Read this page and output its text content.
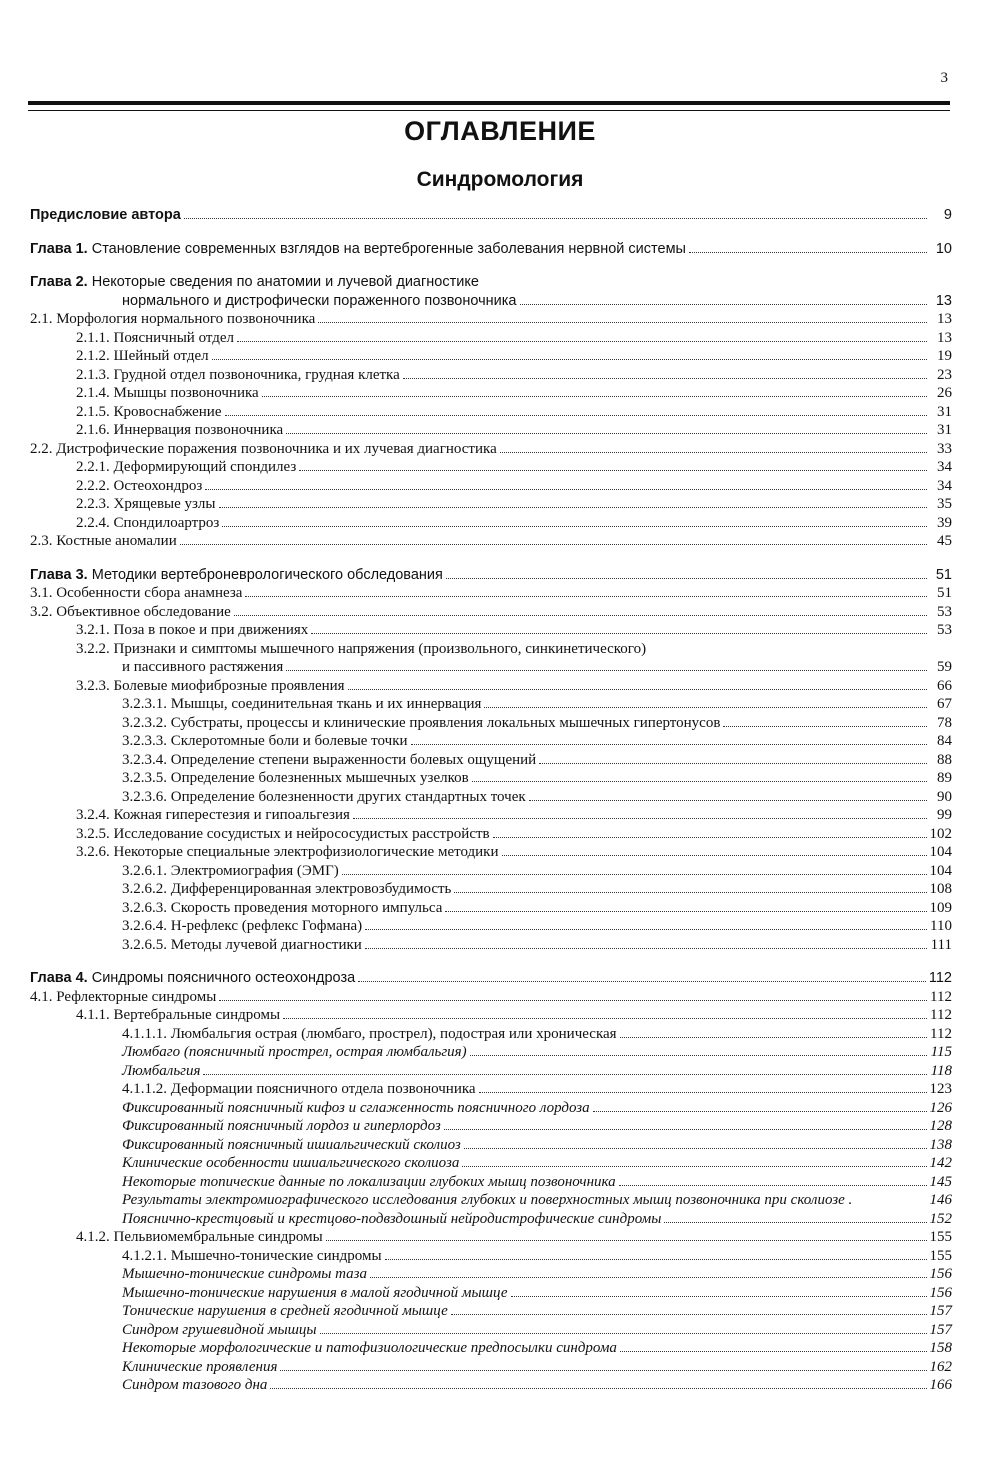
3
ОГЛАВЛЕНИЕ
Синдромология
Предисловие автора	9
Глава 1. Становление современных взглядов на вертеброгенные заболевания нервной системы	10
Глава 2. Некоторые сведения по анатомии и лучевой диагностике
нормального и дистрофически пораженного позвоночника	13
2.1. Морфология нормального позвоночника	13
2.1.1. Поясничный отдел	13
2.1.2. Шейный отдел	19
2.1.3. Грудной отдел позвоночника, грудная клетка	23
2.1.4. Мышцы позвоночника	26
2.1.5. Кровоснабжение	31
2.1.6. Иннервация позвоночника	31
2.2. Дистрофические поражения позвоночника и их лучевая диагностика	33
2.2.1. Деформирующий спондилез	34
2.2.2. Остеохондроз	34
2.2.3. Хрящевые узлы	35
2.2.4. Спондилоартроз	39
2.3. Костные аномалии	45
Глава 3. Методики вертеброневрологического обследования	51
3.1. Особенности сбора анамнеза	51
3.2. Объективное обследование	53
3.2.1. Поза в покое и при движениях	53
3.2.2. Признаки и симптомы мышечного напряжения (произвольного, синкинетического)
и пассивного растяжения	59
3.2.3. Болевые миофиброзные проявления	66
3.2.3.1. Мышцы, соединительная ткань и их иннервация	67
3.2.3.2. Субстраты, процессы и клинические проявления локальных мышечных гипертонусов	78
3.2.3.3. Склеротомные боли и болевые точки	84
3.2.3.4. Определение степени выраженности болевых ощущений	88
3.2.3.5. Определение болезненных мышечных узелков	89
3.2.3.6. Определение болезненности других стандартных точек	90
3.2.4. Кожная гиперестезия и гипоальгезия	99
3.2.5. Исследование сосудистых и нейрососудистых расстройств	102
3.2.6. Некоторые специальные электрофизиологические методики	104
3.2.6.1. Электромиография (ЭМГ)	104
3.2.6.2. Дифференцированная электровозбудимость	108
3.2.6.3. Скорость проведения моторного импульса	109
3.2.6.4. Н-рефлекс (рефлекс Гофмана)	110
3.2.6.5. Методы лучевой диагностики	111
Глава 4. Синдромы поясничного остеохондроза	112
4.1. Рефлекторные синдромы	112
4.1.1. Вертебральные синдромы	112
4.1.1.1. Люмбальгия острая (люмбаго, прострел), подострая или хроническая	112
Люмбаго (поясничный прострел, острая люмбальгия)	115
Люмбальгия	118
4.1.1.2. Деформации поясничного отдела позвоночника	123
Фиксированный поясничный кифоз и сглаженность поясничного лордоза	126
Фиксированный поясничный лордоз и гиперлордоз	128
Фиксированный поясничный ишиальгический сколиоз	138
Клинические особенности ишиальгического сколиоза	142
Некоторые топические данные по локализации глубоких мышц позвоночника	145
Результаты электромиографического исследования глубоких и поверхностных мышц позвоночника при сколиозе .	146
Пояснично-крестцовый и крестцово-подвздошный нейродистрофические синдромы	152
4.1.2. Пельвиомембральные синдромы	155
4.1.2.1. Мышечно-тонические синдромы	155
Мышечно-тонические синдромы таза	156
Мышечно-тонические нарушения в малой ягодичной мышце	156
Тонические нарушения в средней ягодичной мышце	157
Синдром грушевидной мышцы	157
Некоторые морфологические и патофизиологические предпосылки синдрома	158
Клинические проявления	162
Синдром тазового дна	166
